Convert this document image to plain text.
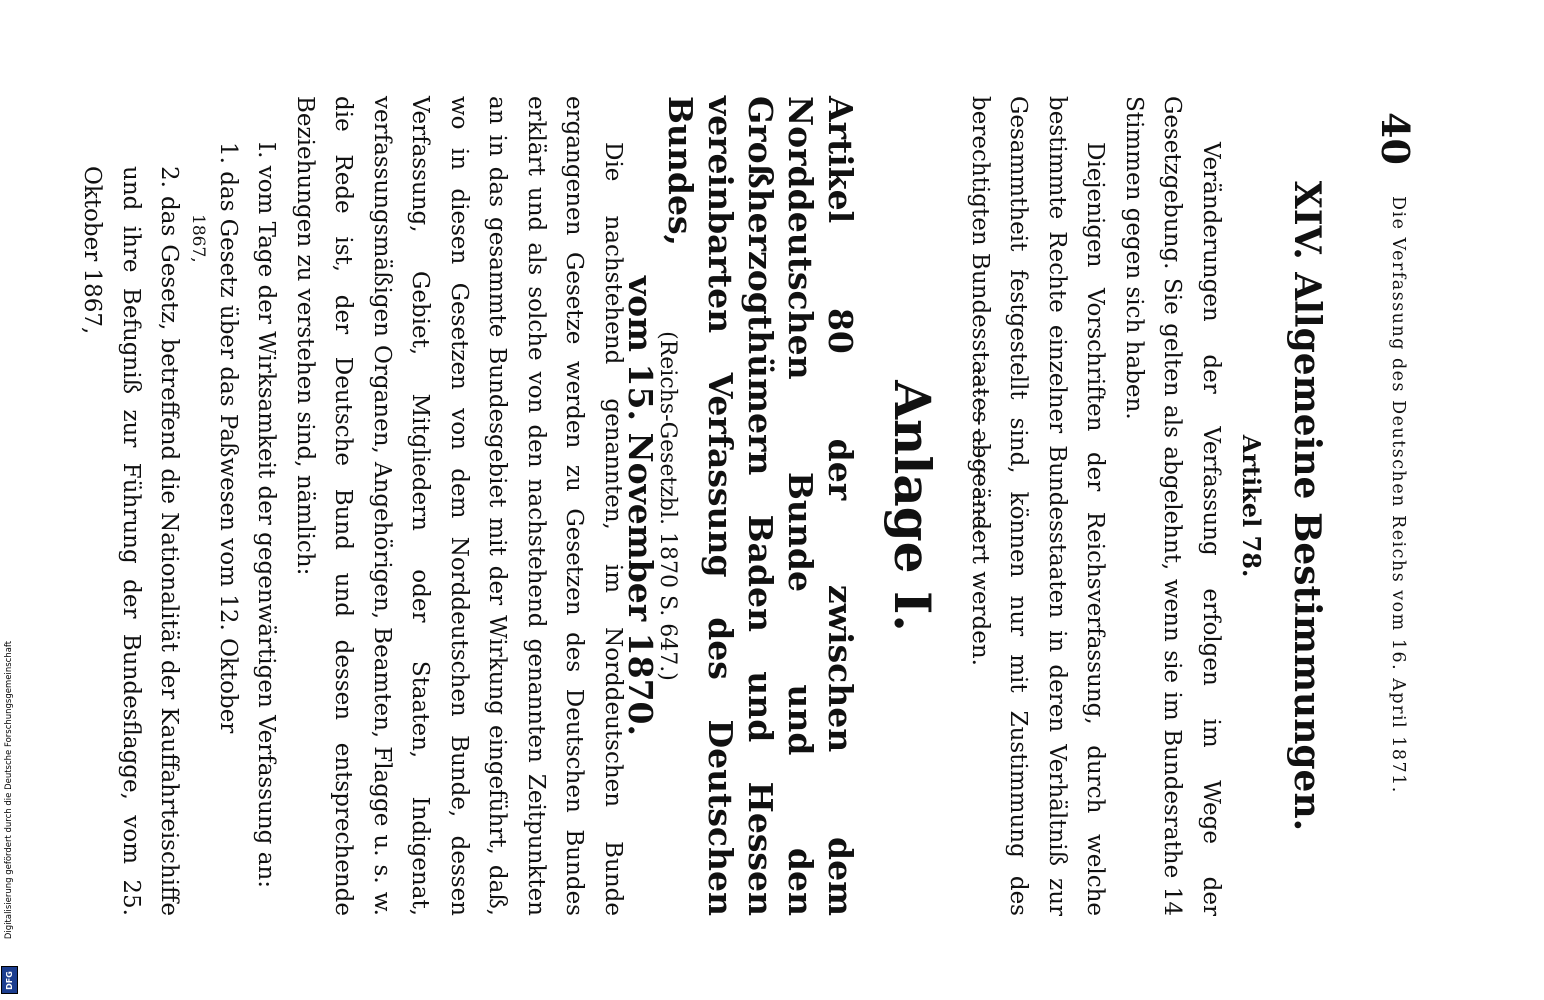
Digitalisierung gefördert durch die Deutsche Forschungsgemeinschaft
DFG
40
Die Verfassung des Deutschen Reichs vom 16. April 1871.
XIV. Allgemeine Bestimmungen.
Artikel 78.

Veränderungen der Verfassung erfolgen im Wege der Gesetzgebung. Sie gelten als abgelehnt, wenn sie im Bundesrathe 14 Stimmen gegen sich haben.

Diejenigen Vorschriften der Reichsverfassung, durch welche bestimmte Rechte einzelner Bundesstaaten in deren Verhältniß zur Gesammtheit festgestellt sind, können nur mit Zustimmung des berechtigten Bundesstaates abgeändert werden.

Anlage I.
Artikel 80 der zwischen dem Norddeutschen Bunde und den Großherzogthümern Baden und Hessen vereinbarten Verfassung des Deutschen Bundes,
vom 15. November 1870.
(Reichs-Gesetzbl. 1870 S. 647.)

Die nachstehend genannten, im Norddeutschen Bunde ergangenen Gesetze werden zu Gesetzen des Deutschen Bundes erklärt und als solche von den nachstehend genannten Zeitpunkten an in das gesammte Bundesgebiet mit der Wirkung eingeführt, daß, wo in diesen Gesetzen von dem Norddeutschen Bunde, dessen Verfassung, Gebiet, Mitgliedern oder Staaten, Indigenat, verfassungsmäßigen Organen, Angehörigen, Beamten, Flagge u. s. w. die Rede ist, der Deutsche Bund und dessen entsprechende Beziehungen zu verstehen sind, nämlich:

I. vom Tage der Wirksamkeit der gegenwärtigen Verfassung an:

1. das Gesetz über das Paßwesen vom 12. Oktober
1867,

2. das Gesetz, betreffend die Nationalität der Kauffahrteischiffe und ihre Befugniß zur Führung der Bundesflagge, vom 25. Oktober 1867,
